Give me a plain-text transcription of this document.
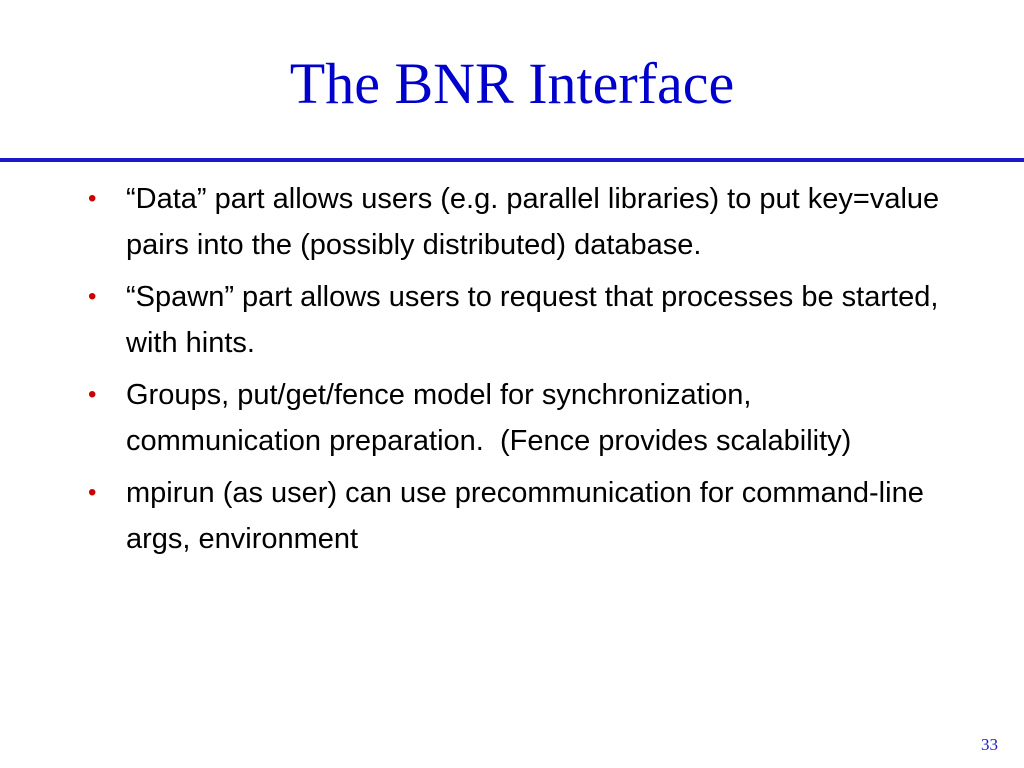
The BNR Interface
• “Data” part allows users (e.g. parallel libraries) to put key=value pairs into the (possibly distributed) database.
• “Spawn” part allows users to request that processes be started, with hints.
• Groups, put/get/fence model for synchronization, communication preparation.  (Fence provides scalability)
• mpirun (as user) can use precommunication for command-line args, environment
33
